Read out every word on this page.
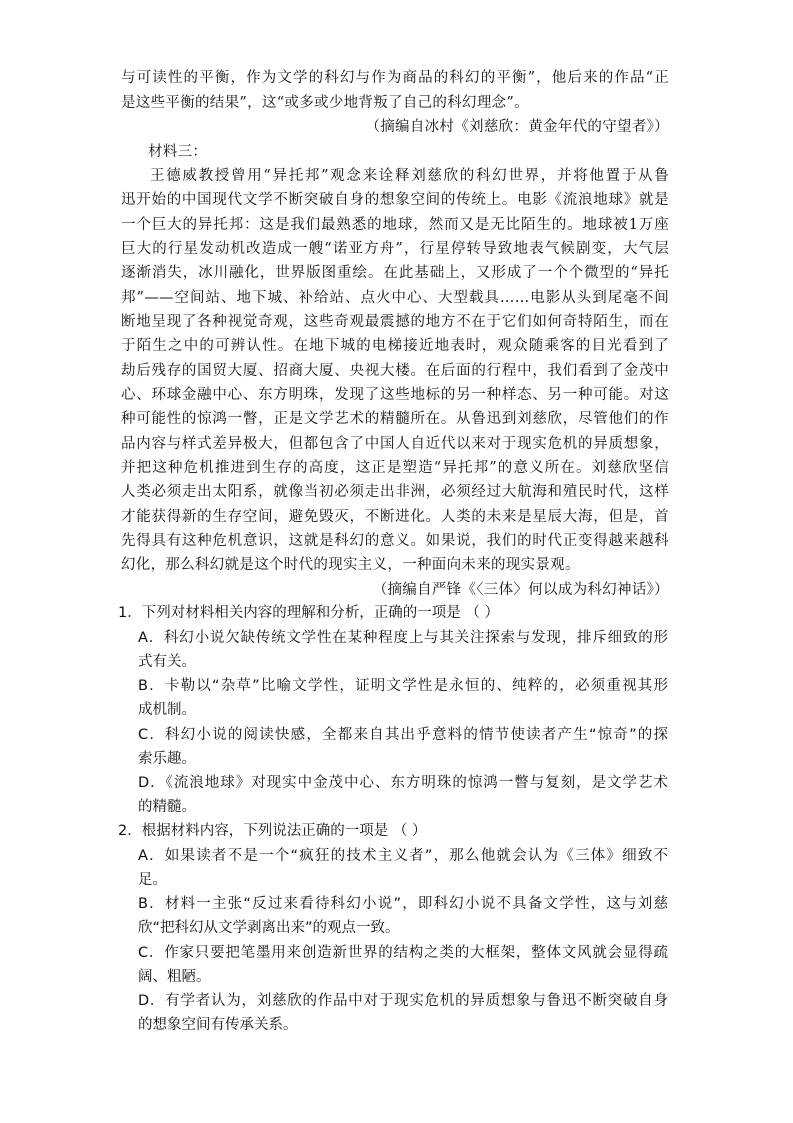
与可读性的平衡，作为文学的科幻与作为商品的科幻的平衡”，他后来的作品“正
是这些平衡的结果”，这“或多或少地背叛了自己的科幻理念”。
（摘编自冰村《刘慈欣：黄金年代的守望者》）
材料三：
王德威教授曾用“异托邦”观念来诠释刘慈欣的科幻世界，并将他置于从鲁
迅开始的中国现代文学不断突破自身的想象空间的传统上。电影《流浪地球》就是
一个巨大的异托邦：这是我们最熟悉的地球，然而又是无比陌生的。地球被1万座
巨大的行星发动机改造成一艘“诺亚方舟”，行星停转导致地表气候剧变，大气层
逐渐消失，冰川融化，世界版图重绘。在此基础上，又形成了一个个微型的“异托
邦”——空间站、地下城、补给站、点火中心、大型载具……电影从头到尾毫不间
断地呈现了各种视觉奇观，这些奇观最震撼的地方不在于它们如何奇特陌生，而在
于陌生之中的可辨认性。在地下城的电梯接近地表时，观众随乘客的目光看到了
劫后残存的国贸大厦、招商大厦、央视大楼。在后面的行程中，我们看到了金茂中
心、环球金融中心、东方明珠，发现了这些地标的另一种样态、另一种可能。对这
种可能性的惊鸿一瞥，正是文学艺术的精髓所在。从鲁迅到刘慈欣，尽管他们的作
品内容与样式差异极大，但都包含了中国人自近代以来对于现实危机的异质想象，
并把这种危机推进到生存的高度，这正是塑造“异托邦”的意义所在。刘慈欣坚信
人类必须走出太阳系，就像当初必须走出非洲，必须经过大航海和殖民时代，这样
才能获得新的生存空间，避免毁灭，不断进化。人类的未来是星辰大海，但是，首
先得具有这种危机意识，这就是科幻的意义。如果说，我们的时代正变得越来越科
幻化，那么科幻就是这个时代的现实主义，一种面向未来的现实景观。
（摘编自严锋《〈三体〉何以成为科幻神话》）
1．下列对材料相关内容的理解和分析，正确的一项是 （ ）
A．科幻小说欠缺传统文学性在某种程度上与其关注探索与发现，排斥细致的形
式有关。
B．卡勒以“杂草”比喻文学性，证明文学性是永恒的、纯粹的，必须重视其形
成机制。
C．科幻小说的阅读快感，全都来自其出乎意料的情节使读者产生“惊奇”的探
索乐趣。
D．《流浪地球》对现实中金茂中心、东方明珠的惊鸿一瞥与复刻，是文学艺术
的精髓。
2．根据材料内容，下列说法正确的一项是 （ ）
A．如果读者不是一个“疯狂的技术主义者”，那么他就会认为《三体》细致不
足。
B．材料一主张“反过来看待科幻小说”，即科幻小说不具备文学性，这与刘慈
欣“把科幻从文学剥离出来”的观点一致。
C．作家只要把笔墨用来创造新世界的结构之类的大框架，整体文风就会显得疏
阔、粗陋。
D．有学者认为，刘慈欣的作品中对于现实危机的异质想象与鲁迅不断突破自身
的想象空间有传承关系。
